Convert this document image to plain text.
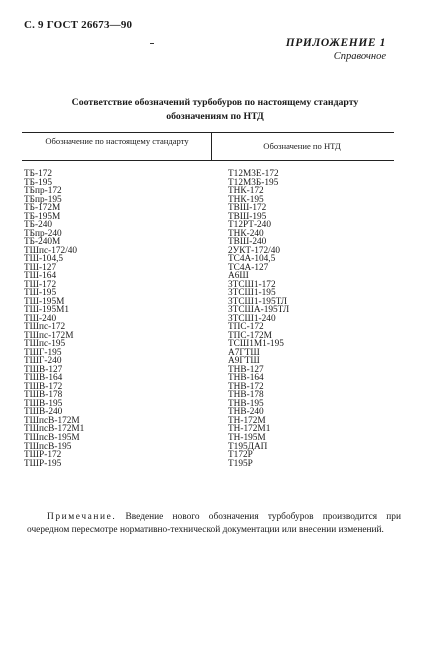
С. 9 ГОСТ 26673—90
ПРИЛОЖЕНИЕ 1
Справочное
Соответствие обозначений турбобуров по настоящему стандарту
обозначениям по НТД
Обозначение по настоящему стандарту	Обозначение по НТД
ТБ-172
ТБ-195
ТБпр-172
ТБпр-195
ТБ-172М
ТБ-195М
ТБ-240
ТБпр-240
ТБ-240М
ТШпс-172/40
ТШ-104,5
ТШ-127
ТШ-164
ТШ-172
ТШ-195
ТШ-195М
ТШ-195М1
ТШ-240
ТШпс-172
ТШпс-172М
ТШпс-195
ТШГ-195
ТШГ-240
ТШВ-127
ТШВ-164
ТШВ-172
ТШВ-178
ТШВ-195
ТШВ-240
ТШпсВ-172М
ТШпсВ-172М1
ТШпсВ-195М
ТШпсВ-195
ТШР-172
ТШР-195
Т12М3Е-172
Т12М3Б-195
ТНК-172
ТНК-195
ТВШ-172
ТВШ-195
Т12РТ-240
ТНК-240
ТВШ-240
2УКТ-172/40
ТС4А-104,5
ТС4А-127
А6Ш
3ТСШ1-172
3ТСШ1-195
3ТСШ1-195ТЛ
3ТСША-195ТЛ
3ТСШ1-240
ТПС-172
ТПС-172М
ТСШ1М1-195
А7ГТШ
А9ГТШ
ТНВ-127
ТНВ-164
ТНВ-172
ТНВ-178
ТНВ-195
ТНВ-240
ТН-172М
ТН-172М1
ТН-195М
Т195ДАП
Т172Р
Т195Р
Примечание. Введение нового обозначения турбобуров производится при очередном пересмотре нормативно-технической документации или внесении изменений.
